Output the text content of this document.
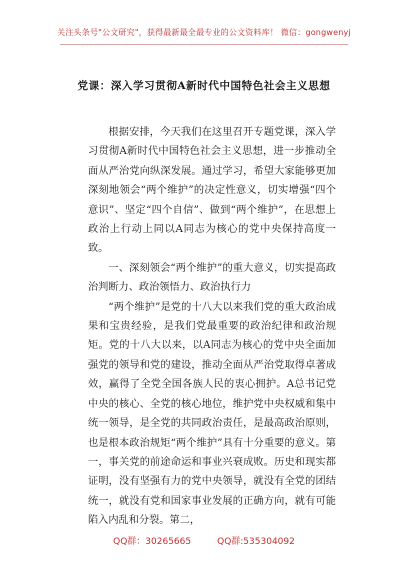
关注头条号"公文研究"，获得最新最全最专业的公文资料库！ 微信：gongwenyj
党课：深入学习贯彻A新时代中国特色社会主义思想

根据安排，今天我们在这里召开专题党课，深入学习贯彻A新时代中国特色社会主义思想，进一步推动全面从严治党向纵深发展。通过学习，希望大家能够更加深刻地领会“两个维护”的决定性意义，切实增强“四个意识”、坚定“四个自信”、做到“两个维护”，在思想上政治上行动上同以A同志为核心的党中央保持高度一致。

一、深刻领会“两个维护”的重大意义，切实提高政治判断力、政治领悟力、政治执行力

“两个维护”是党的十八大以来我们党的重大政治成果和宝贵经验，是我们党最重要的政治纪律和政治规矩。党的十八大以来，以A同志为核心的党中央全面加强党的领导和党的建设，推动全面从严治党取得卓著成效，赢得了全党全国各族人民的衷心拥护。A总书记党中央的核心、全党的核心地位，维护党中央权威和集中统一领导，是全党的共同政治责任，是最高政治原则，也是根本政治规矩“两个维护”具有十分重要的意义。第一，事关党的前途命运和事业兴衰成败。历史和现实都证明，没有坚强有力的党中央领导，就没有全党的团结统一，就没有党和国家事业发展的正确方向，就有可能陷入内乱和分裂。第二，

QQ群：30265665	QQ群:535304092
